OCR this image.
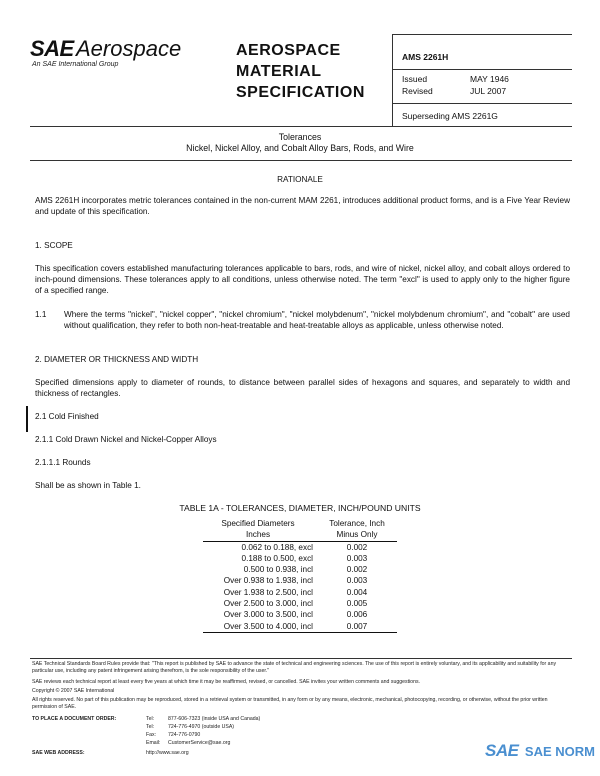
SAE Aerospace
An SAE International Group
AEROSPACE
MATERIAL
SPECIFICATION
AMS 2261H
Issued	MAY 1946
Revised	JUL 2007
Superseding AMS 2261G
Tolerances
Nickel, Nickel Alloy, and Cobalt Alloy Bars, Rods, and Wire
RATIONALE
AMS 2261H incorporates metric tolerances contained in the non-current MAM 2261, introduces additional product forms, and is a Five Year Review and update of this specification.
1. SCOPE
This specification covers established manufacturing tolerances applicable to bars, rods, and wire of nickel, nickel alloy, and cobalt alloys ordered to inch-pound dimensions. These tolerances apply to all conditions, unless otherwise noted. The term "excl" is used to apply only to the higher figure of a specified range.
1.1 Where the terms "nickel", "nickel copper", "nickel chromium", "nickel molybdenum", "nickel molybdenum chromium", and "cobalt" are used without qualification, they refer to both non-heat-treatable and heat-treatable alloys as applicable, unless otherwise noted.
2. DIAMETER OR THICKNESS AND WIDTH
Specified dimensions apply to diameter of rounds, to distance between parallel sides of hexagons and squares, and separately to width and thickness of rectangles.
2.1 Cold Finished
2.1.1 Cold Drawn Nickel and Nickel-Copper Alloys
2.1.1.1 Rounds
Shall be as shown in Table 1.
TABLE 1A - TOLERANCES, DIAMETER, INCH/POUND UNITS
Specified Diameters	Tolerance, Inch
Inches	Minus Only
0.062 to 0.188, excl	0.002
0.188 to 0.500, excl	0.003
0.500 to 0.938, incl	0.002
Over 0.938 to 1.938, incl	0.003
Over 1.938 to 2.500, incl	0.004
Over 2.500 to 3.000, incl	0.005
Over 3.000 to 3.500, incl	0.006
Over 3.500 to 4.000, incl	0.007
SAE Technical Standards Board Rules provide that: "This report is published by SAE to advance the state of technical and engineering sciences. The use of this report is entirely voluntary, and its applicability and suitability for any particular use, including any patent infringement arising therefrom, is the sole responsibility of the user."
SAE reviews each technical report at least every five years at which time it may be reaffirmed, revised, or cancelled. SAE invites your written comments and suggestions.
Copyright © 2007 SAE International
All rights reserved. No part of this publication may be reproduced, stored in a retrieval system or transmitted, in any form or by any means, electronic, mechanical, photocopying, recording, or otherwise, without the prior written permission of SAE.
TO PLACE A DOCUMENT ORDER:	Tel:	877-606-7323 (inside USA and Canada)
Tel:	724-776-4970 (outside USA)
Fax: 724-776-0790
Email: CustomerService@sae.org
SAE WEB ADDRESS:	http://www.sae.org	SAE SAE NORM
